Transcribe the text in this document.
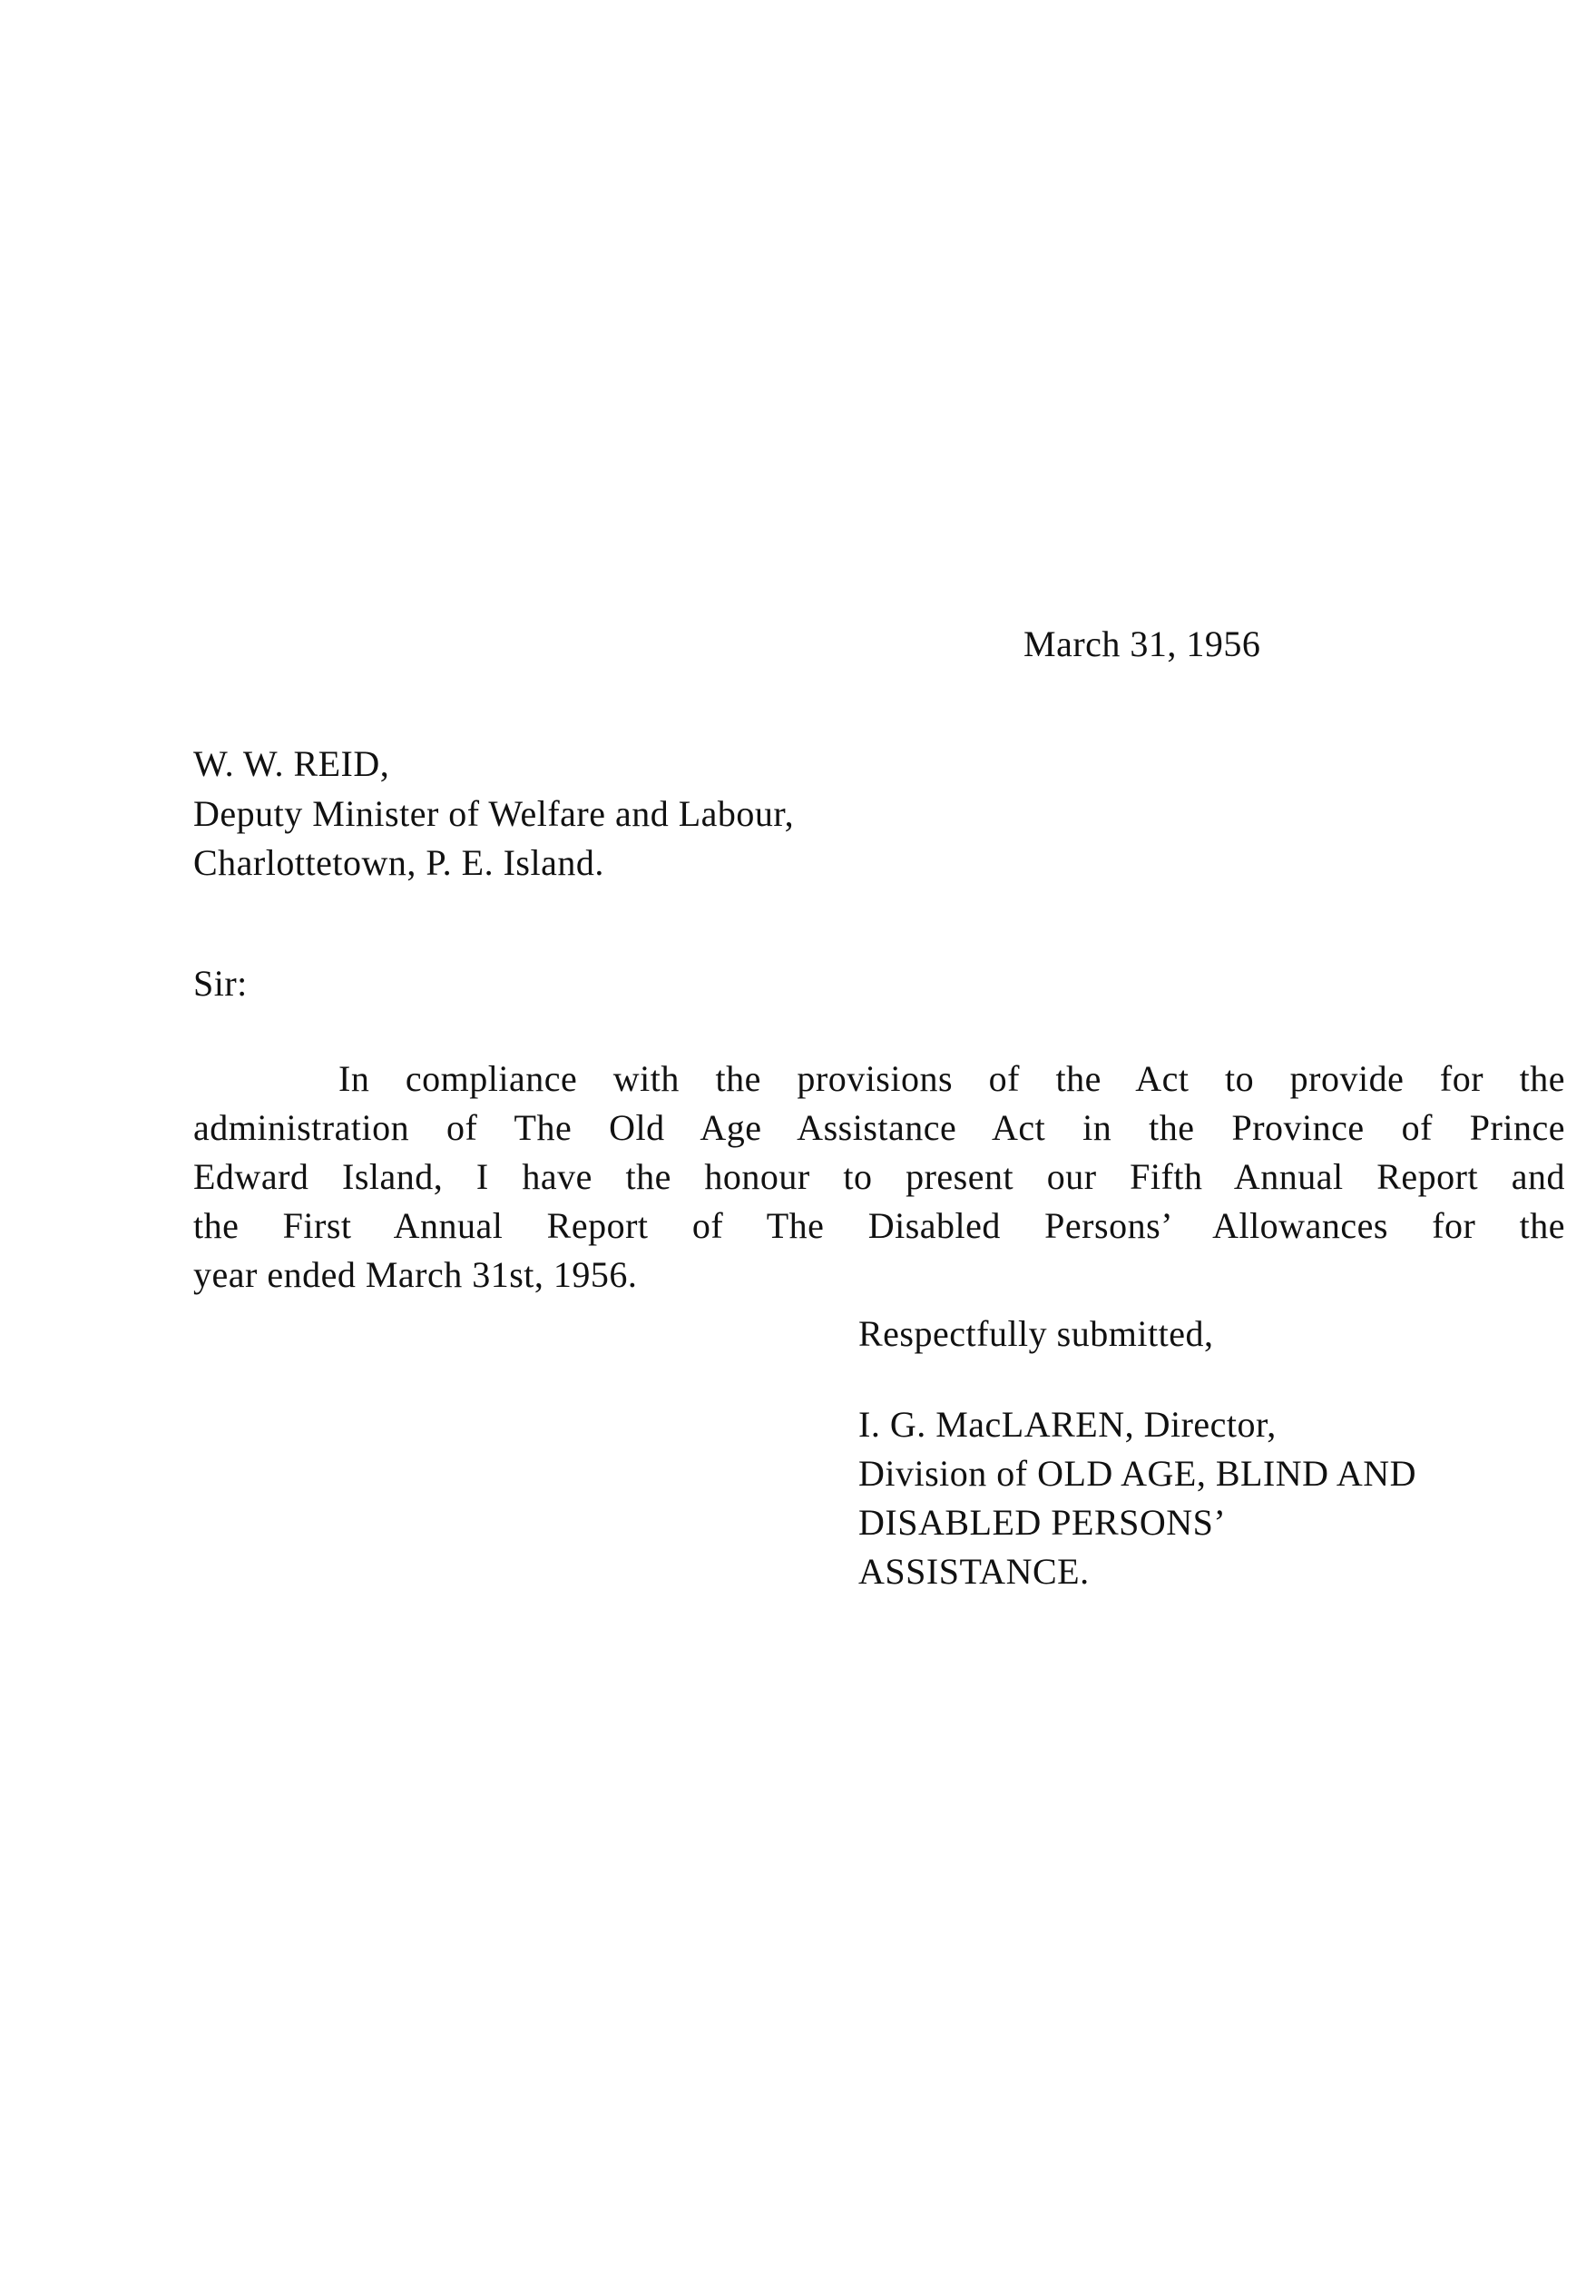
March 31, 1956
W. W. REID,
Deputy Minister of Welfare and Labour,
Charlottetown, P. E. Island.
Sir:
In compliance with the provisions of the Act to provide for the
administration of The Old Age Assistance Act in the Province of Prince
Edward Island, I have the honour to present our Fifth Annual Report and
the First Annual Report of The Disabled Persons’ Allowances for the
year ended March 31st, 1956.
Respectfully submitted,
I. G. MacLAREN, Director,
Division of OLD AGE, BLIND AND
DISABLED PERSONS’
ASSISTANCE.
